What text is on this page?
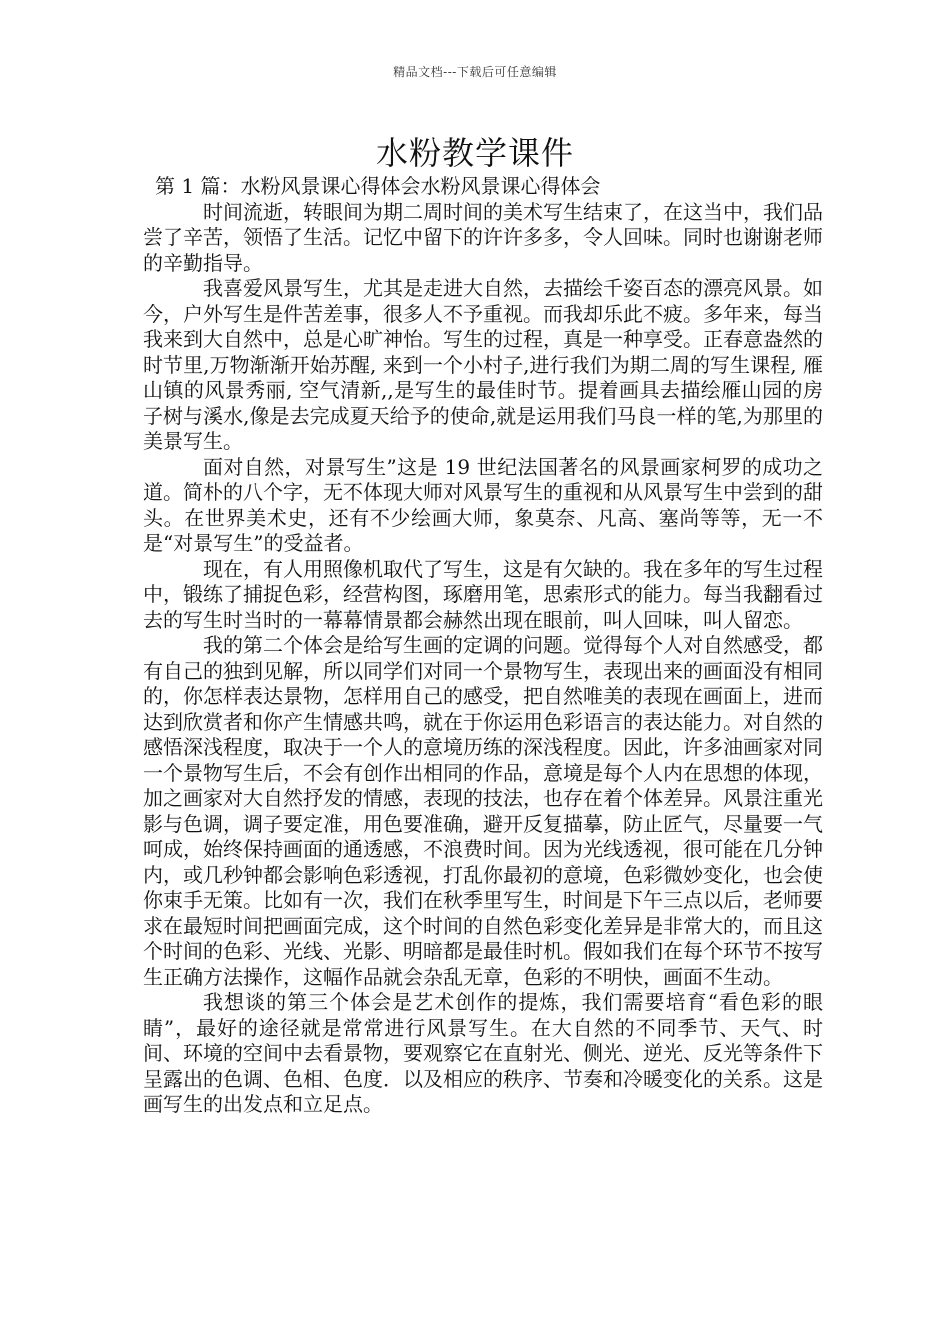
精品文档---下载后可任意编辑
水粉教学课件

第 1 篇：水粉风景课心得体会水粉风景课心得体会

时间流逝，转眼间为期二周时间的美术写生结束了，在这当中，我们品尝了辛苦，领悟了生活。记忆中留下的许许多多，令人回味。同时也谢谢老师的辛勤指导。

我喜爱风景写生，尤其是走进大自然，去描绘千姿百态的漂亮风景。如今，户外写生是件苦差事，很多人不予重视。而我却乐此不疲。多年来，每当我来到大自然中，总是心旷神怡。写生的过程，真是一种享受。正春意盎然的时节里,万物渐渐开始苏醒, 来到一个小村子,进行我们为期二周的写生课程, 雁山镇的风景秀丽, 空气清新,,是写生的最佳时节。提着画具去描绘雁山园的房子树与溪水,像是去完成夏天给予的使命,就是运用我们马良一样的笔,为那里的美景写生。

面对自然，对景写生”这是 19 世纪法国著名的风景画家柯罗的成功之道。简朴的八个字，无不体现大师对风景写生的重视和从风景写生中尝到的甜头。在世界美术史，还有不少绘画大师，象莫奈、凡高、塞尚等等，无一不是“对景写生”的受益者。

现在，有人用照像机取代了写生，这是有欠缺的。我在多年的写生过程中，锻练了捕捉色彩，经营构图，琢磨用笔，思索形式的能力。每当我翻看过去的写生时当时的一幕幕情景都会赫然出现在眼前，叫人回味，叫人留恋。

我的第二个体会是给写生画的定调的问题。觉得每个人对自然感受，都有自己的独到见解，所以同学们对同一个景物写生，表现出来的画面没有相同的，你怎样表达景物，怎样用自己的感受，把自然唯美的表现在画面上，进而达到欣赏者和你产生情感共鸣，就在于你运用色彩语言的表达能力。对自然的感悟深浅程度，取决于一个人的意境历练的深浅程度。因此，许多油画家对同一个景物写生后，不会有创作出相同的作品，意境是每个人内在思想的体现，加之画家对大自然抒发的情感，表现的技法，也存在着个体差异。风景注重光影与色调，调子要定准，用色要准确，避开反复描摹，防止匠气，尽量要一气呵成，始终保持画面的通透感，不浪费时间。因为光线透视，很可能在几分钟内，或几秒钟都会影响色彩透视，打乱你最初的意境，色彩微妙变化，也会使你束手无策。比如有一次，我们在秋季里写生，时间是下午三点以后，老师要求在最短时间把画面完成，这个时间的自然色彩变化差异是非常大的，而且这个时间的色彩、光线、光影、明暗都是最佳时机。假如我们在每个环节不按写生正确方法操作，这幅作品就会杂乱无章，色彩的不明快，画面不生动。

我想谈的第三个体会是艺术创作的提炼，我们需要培育“看色彩的眼睛”，最好的途径就是常常进行风景写生。在大自然的不同季节、天气、时间、环境的空间中去看景物，要观察它在直射光、侧光、逆光、反光等条件下呈露出的色调、色相、色度．以及相应的秩序、节奏和冷暖变化的关系。这是画写生的出发点和立足点。
